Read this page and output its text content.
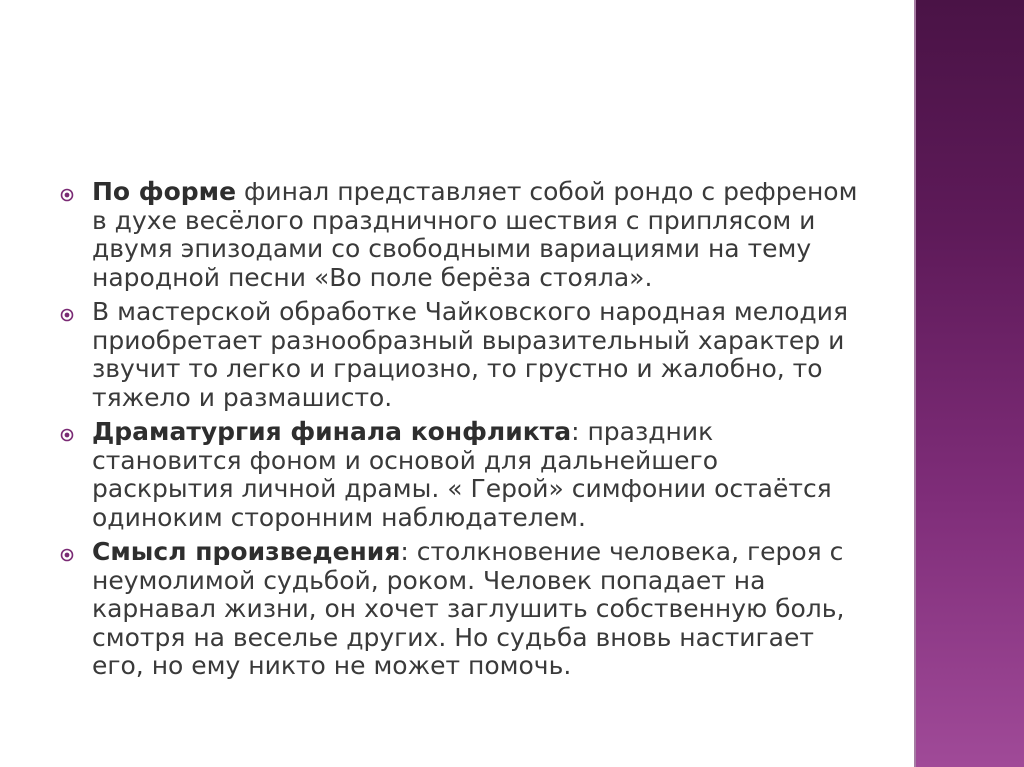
По форме финал представляет собой рондо с рефреном в духе весёлого праздничного шествия с приплясом и двумя эпизодами со свободными вариациями на тему народной песни «Во поле берёза стояла».
В мастерской обработке Чайковского народная мелодия приобретает разнообразный выразительный характер и звучит то легко и грациозно, то грустно и жалобно, то тяжело и размашисто.
Драматургия финала конфликта: праздник становится фоном и основой для дальнейшего раскрытия личной драмы. « Герой» симфонии остаётся одиноким сторонним наблюдателем.
Смысл произведения: столкновение человека, героя с неумолимой судьбой, роком. Человек попадает на карнавал жизни, он хочет заглушить собственную боль, смотря на веселье других. Но судьба вновь настигает его, но ему никто не может помочь.
